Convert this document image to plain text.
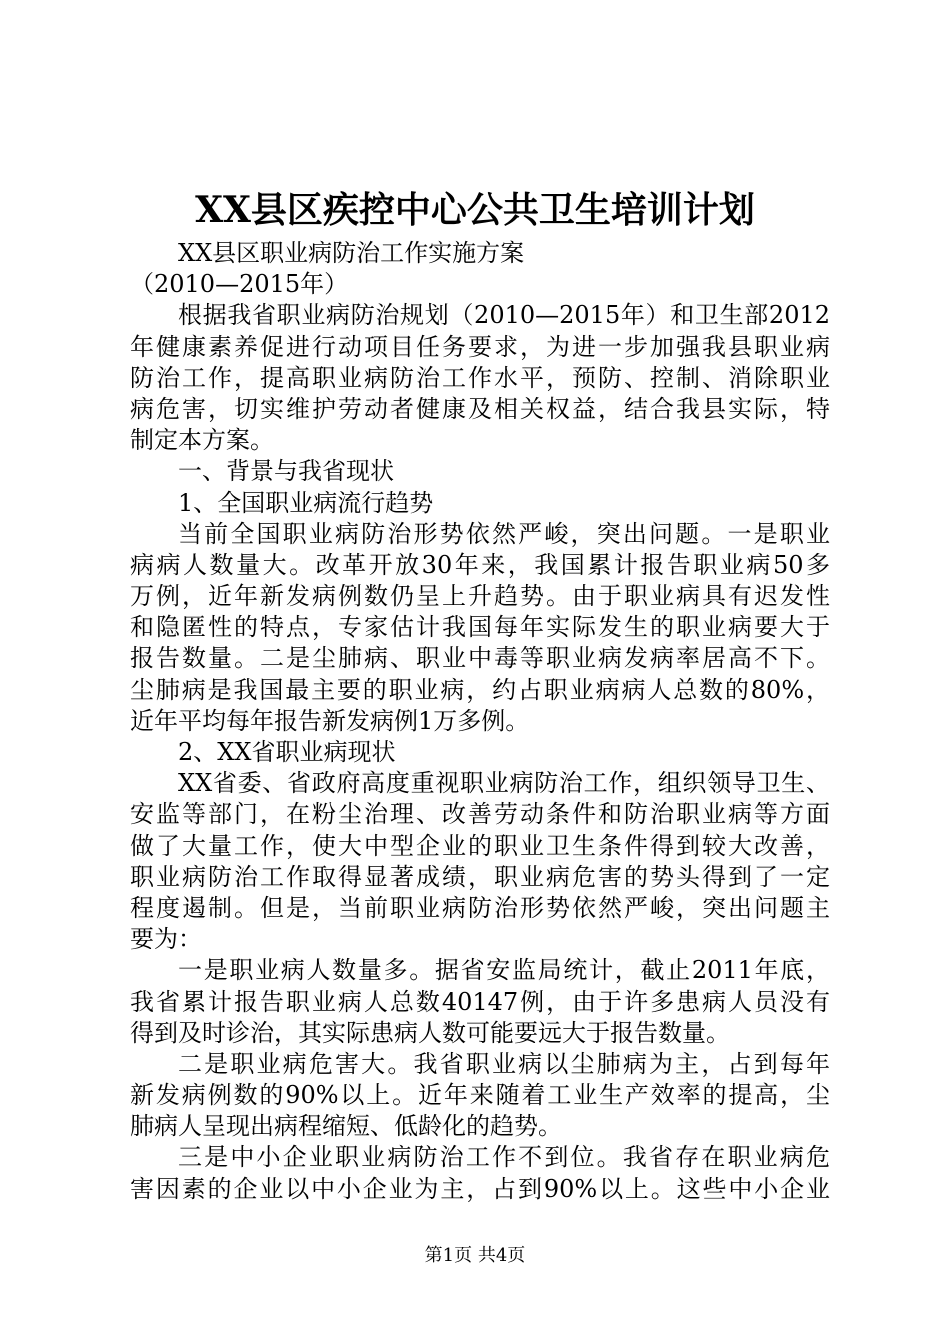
XX县区疾控中心公共卫生培训计划
XX县区职业病防治工作实施方案
（2010—2015年）
根据我省职业病防治规划（2010—2015年）和卫生部2012
年健康素养促进行动项目任务要求，为进一步加强我县职业病
防治工作，提高职业病防治工作水平，预防、控制、消除职业
病危害，切实维护劳动者健康及相关权益，结合我县实际，特
制定本方案。
一、背景与我省现状
1、全国职业病流行趋势
当前全国职业病防治形势依然严峻，突出问题。一是职业
病病人数量大。改革开放30年来，我国累计报告职业病50多
万例，近年新发病例数仍呈上升趋势。由于职业病具有迟发性
和隐匿性的特点，专家估计我国每年实际发生的职业病要大于
报告数量。二是尘肺病、职业中毒等职业病发病率居高不下。
尘肺病是我国最主要的职业病，约占职业病病人总数的80%，
近年平均每年报告新发病例1万多例。
2、XX省职业病现状
XX省委、省政府高度重视职业病防治工作，组织领导卫生、
安监等部门，在粉尘治理、改善劳动条件和防治职业病等方面
做了大量工作，使大中型企业的职业卫生条件得到较大改善，
职业病防治工作取得显著成绩，职业病危害的势头得到了一定
程度遏制。但是，当前职业病防治形势依然严峻，突出问题主
要为：
一是职业病人数量多。据省安监局统计，截止2011年底，
我省累计报告职业病人总数40147例，由于许多患病人员没有
得到及时诊治，其实际患病人数可能要远大于报告数量。
二是职业病危害大。我省职业病以尘肺病为主，占到每年
新发病例数的90%以上。近年来随着工业生产效率的提高，尘
肺病人呈现出病程缩短、低龄化的趋势。
三是中小企业职业病防治工作不到位。我省存在职业病危
害因素的企业以中小企业为主，占到90%以上。这些中小企业
第1页 共4页
